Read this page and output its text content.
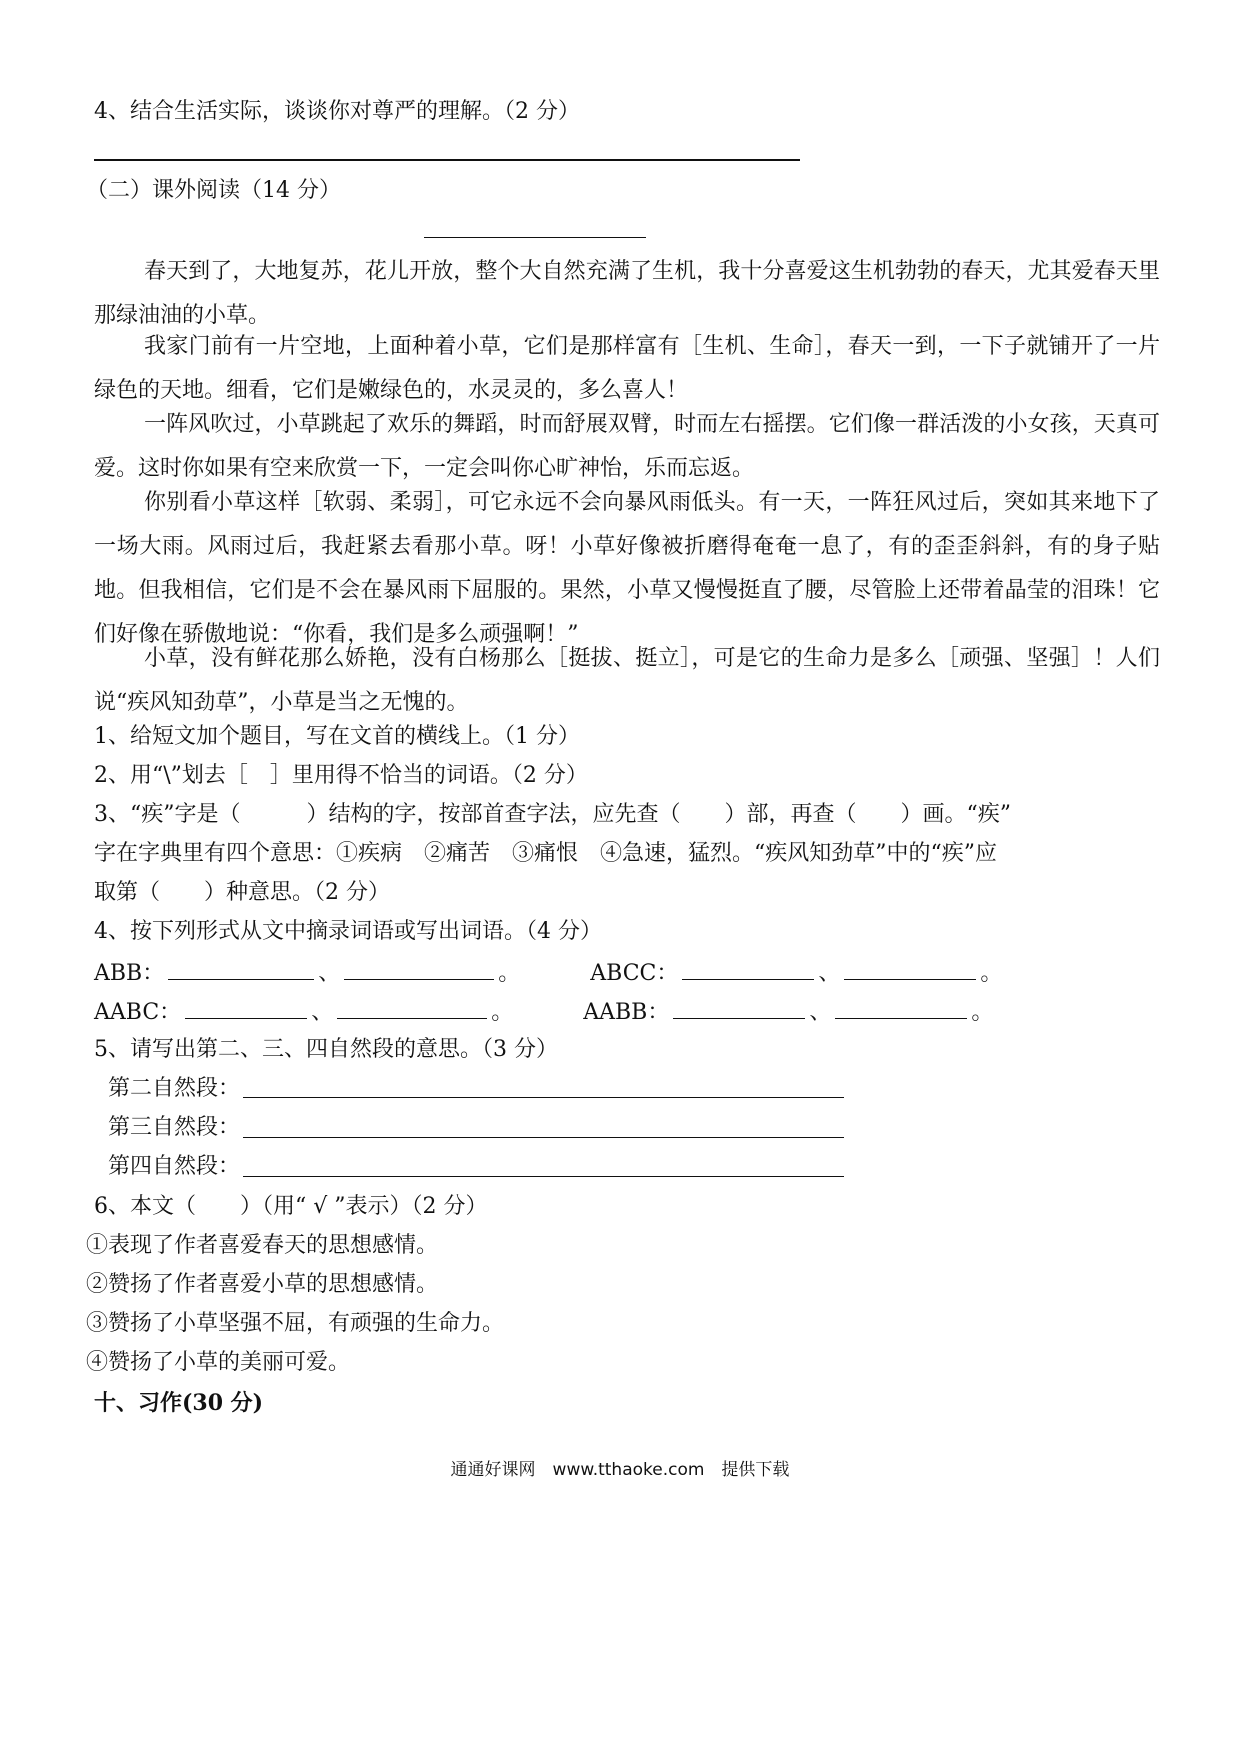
4、结合生活实际，谈谈你对尊严的理解。（2 分）
（二）课外阅读（14 分）
春天到了，大地复苏，花儿开放，整个大自然充满了生机，我十分喜爱这生机勃勃的春天，尤其爱春天里那绿油油的小草。
我家门前有一片空地，上面种着小草，它们是那样富有［生机、生命］，春天一到，一下子就铺开了一片绿色的天地。细看，它们是嫩绿色的，水灵灵的，多么喜人！
一阵风吹过，小草跳起了欢乐的舞蹈，时而舒展双臂，时而左右摇摆。它们像一群活泼的小女孩，天真可爱。这时你如果有空来欣赏一下，一定会叫你心旷神怡，乐而忘返。
你别看小草这样［软弱、柔弱］，可它永远不会向暴风雨低头。有一天，一阵狂风过后，突如其来地下了一场大雨。风雨过后，我赶紧去看那小草。呀！小草好像被折磨得奄奄一息了，有的歪歪斜斜，有的身子贴地。但我相信，它们是不会在暴风雨下屈服的。果然，小草又慢慢挺直了腰，尽管脸上还带着晶莹的泪珠！它们好像在骄傲地说：“你看，我们是多么顽强啊！”
小草，没有鲜花那么娇艳，没有白杨那么［挺拔、挺立］，可是它的生命力是多么［顽强、坚强］！人们说“疾风知劲草”，小草是当之无愧的。
1、给短文加个题目，写在文首的横线上。（1 分）
2、用“\”划去［　］里用得不恰当的词语。（2 分）
3、“疾”字是（　　　）结构的字，按部首查字法，应先查（　　）部，再查（　　）画。“疾”
字在字典里有四个意思：①疾病　②痛苦　③痛恨　④急速，猛烈。“疾风知劲草”中的“疾”应
取第（　　）种意思。（2 分）
4、按下列形式从文中摘录词语或写出词语。（4 分）
ABB：	、	。	ABCC：	、	。
AABC：	、	。	AABB：	、	。
5、请写出第二、三、四自然段的意思。（3 分）
第二自然段：
第三自然段：
第四自然段：
6、本文（　　）（用“ √ ”表示）（2 分）
①表现了作者喜爱春天的思想感情。
②赞扬了作者喜爱小草的思想感情。
③赞扬了小草坚强不屈，有顽强的生命力。
④赞扬了小草的美丽可爱。
十、习作(30 分)
通通好课网　www.tthaoke.com　提供下载
